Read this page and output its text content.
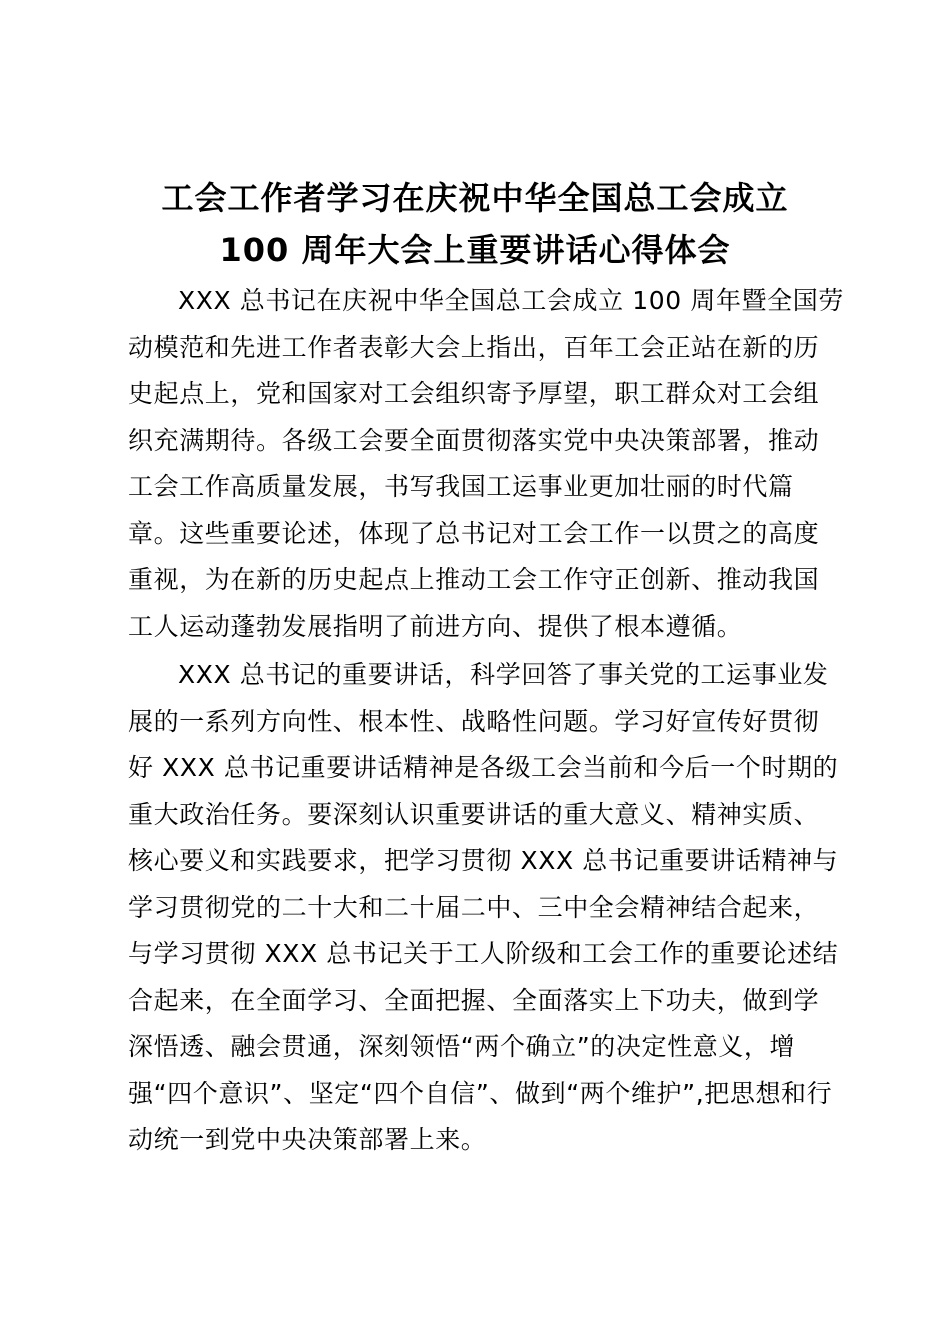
工会工作者学习在庆祝中华全国总工会成立
100 周年大会上重要讲话心得体会
XXX 总书记在庆祝中华全国总工会成立 100 周年暨全国劳
动模范和先进工作者表彰大会上指出，百年工会正站在新的历
史起点上，党和国家对工会组织寄予厚望，职工群众对工会组
织充满期待。各级工会要全面贯彻落实党中央决策部署，推动
工会工作高质量发展，书写我国工运事业更加壮丽的时代篇
章。这些重要论述，体现了总书记对工会工作一以贯之的高度
重视，为在新的历史起点上推动工会工作守正创新、推动我国
工人运动蓬勃发展指明了前进方向、提供了根本遵循。
XXX 总书记的重要讲话，科学回答了事关党的工运事业发
展的一系列方向性、根本性、战略性问题。学习好宣传好贯彻
好 XXX 总书记重要讲话精神是各级工会当前和今后一个时期的
重大政治任务。要深刻认识重要讲话的重大意义、精神实质、
核心要义和实践要求，把学习贯彻 XXX 总书记重要讲话精神与
学习贯彻党的二十大和二十届二中、三中全会精神结合起来，
与学习贯彻 XXX 总书记关于工人阶级和工会工作的重要论述结
合起来，在全面学习、全面把握、全面落实上下功夫，做到学
深悟透、融会贯通，深刻领悟“两个确立”的决定性意义，增
强“四个意识”、坚定“四个自信”、做到“两个维护”,把思想和行
动统一到党中央决策部署上来。
